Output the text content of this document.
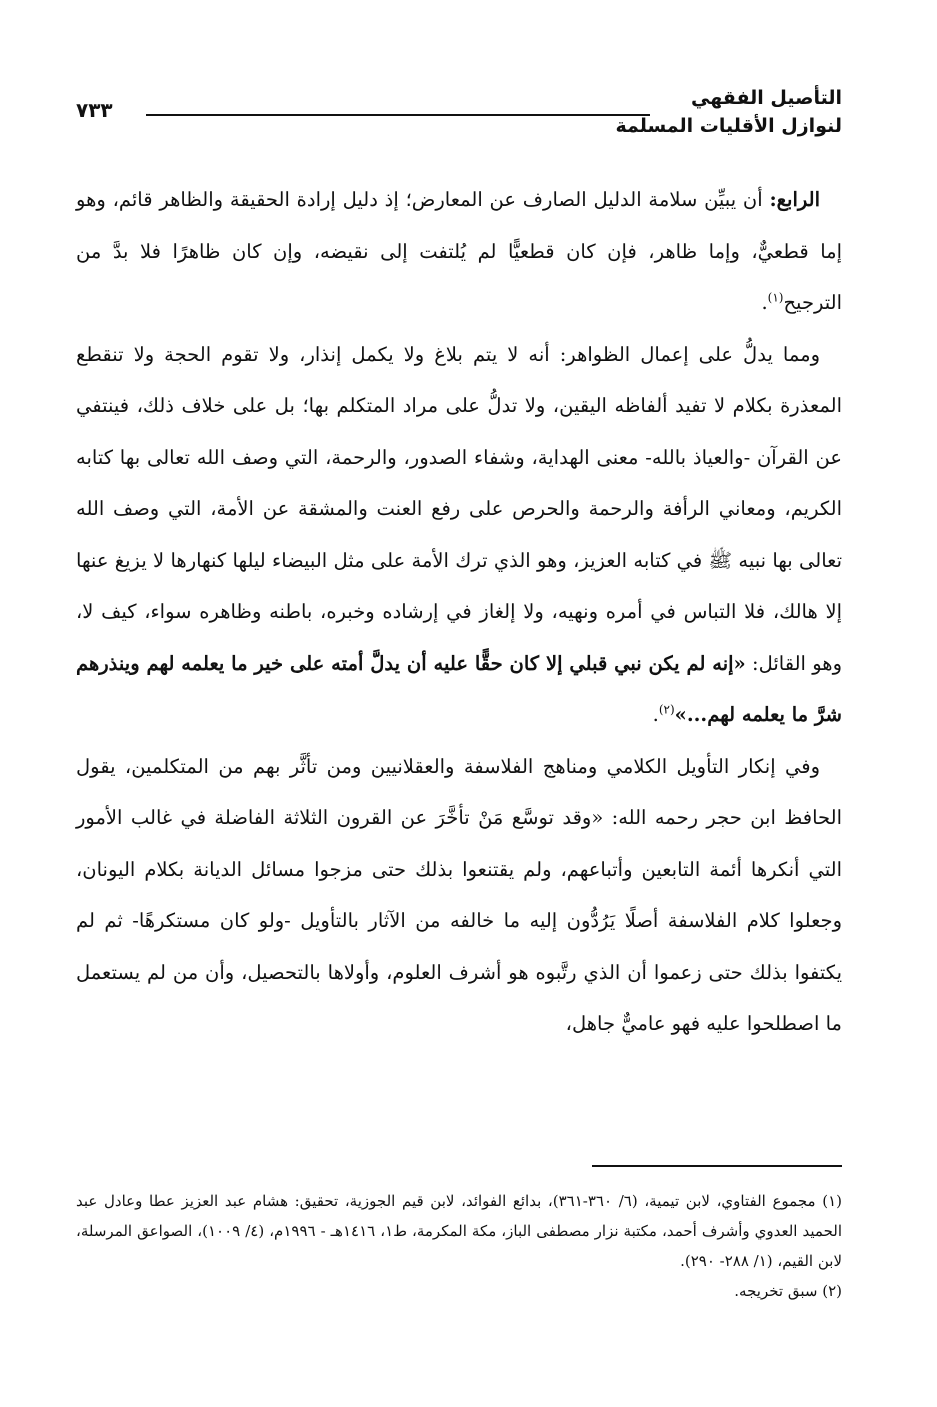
التأصيل الفقهي
لنوازل الأقليات المسلمة
٧٣٣

الرابع: أن يبيِّن سلامة الدليل الصارف عن المعارض؛ إذ دليل إرادة الحقيقة والظاهر قائم، وهو إما قطعيٌّ، وإما ظاهر، فإن كان قطعيًّا لم يُلتفت إلى نقيضه، وإن كان ظاهرًا فلا بدَّ من الترجيح$^{(١)}$.

ومما يدلُّ على إعمال الظواهر: أنه لا يتم بلاغ ولا يكمل إنذار، ولا تقوم الحجة ولا تنقطع المعذرة بكلام لا تفيد ألفاظه اليقين، ولا تدلُّ على مراد المتكلم بها؛ بل على خلاف ذلك، فينتفي عن القرآن -والعياذ بالله- معنى الهداية، وشفاء الصدور، والرحمة، التي وصف الله تعالى بها كتابه الكريم، ومعاني الرأفة والرحمة والحرص على رفع العنت والمشقة عن الأمة، التي وصف الله تعالى بها نبيه ﷺ في كتابه العزيز، وهو الذي ترك الأمة على مثل البيضاء ليلها كنهارها لا يزيغ عنها إلا هالك، فلا التباس في أمره ونهيه، ولا إلغاز في إرشاده وخبره، باطنه وظاهره سواء، كيف لا، وهو القائل: «إنه لم يكن نبي قبلي إلا كان حقًّا عليه أن يدلَّ أمته على خير ما يعلمه لهم وينذرهم شرَّ ما يعلمه لهم...»$^{(٢)}$.

وفي إنكار التأويل الكلامي ومناهج الفلاسفة والعقلانيين ومن تأثَّر بهم من المتكلمين، يقول الحافظ ابن حجر رحمه الله: «وقد توسَّع مَنْ تأخَّرَ عن القرون الثلاثة الفاضلة في غالب الأمور التي أنكرها أئمة التابعين وأتباعهم، ولم يقتنعوا بذلك حتى مزجوا مسائل الديانة بكلام اليونان، وجعلوا كلام الفلاسفة أصلًا يَرُدُّون إليه ما خالفه من الآثار بالتأويل -ولو كان مستكرهًا- ثم لم يكتفوا بذلك حتى زعموا أن الذي رتَّبوه هو أشرف العلوم، وأولاها بالتحصيل، وأن من لم يستعمل ما اصطلحوا عليه فهو عاميٌّ جاهل،

(١) مجموع الفتاوي، لابن تيمية، (٦/ ٣٦٠-٣٦١)، بدائع الفوائد، لابن قيم الجوزية، تحقيق: هشام عبد العزيز عطا وعادل عبد الحميد العدوي وأشرف أحمد، مكتبة نزار مصطفى الباز، مكة المكرمة، ط١، ١٤١٦هـ - ١٩٩٦م، (٤/ ١٠٠٩)، الصواعق المرسلة، لابن القيم، (١/ ٢٨٨- ٢٩٠).

(٢) سبق تخريجه.
